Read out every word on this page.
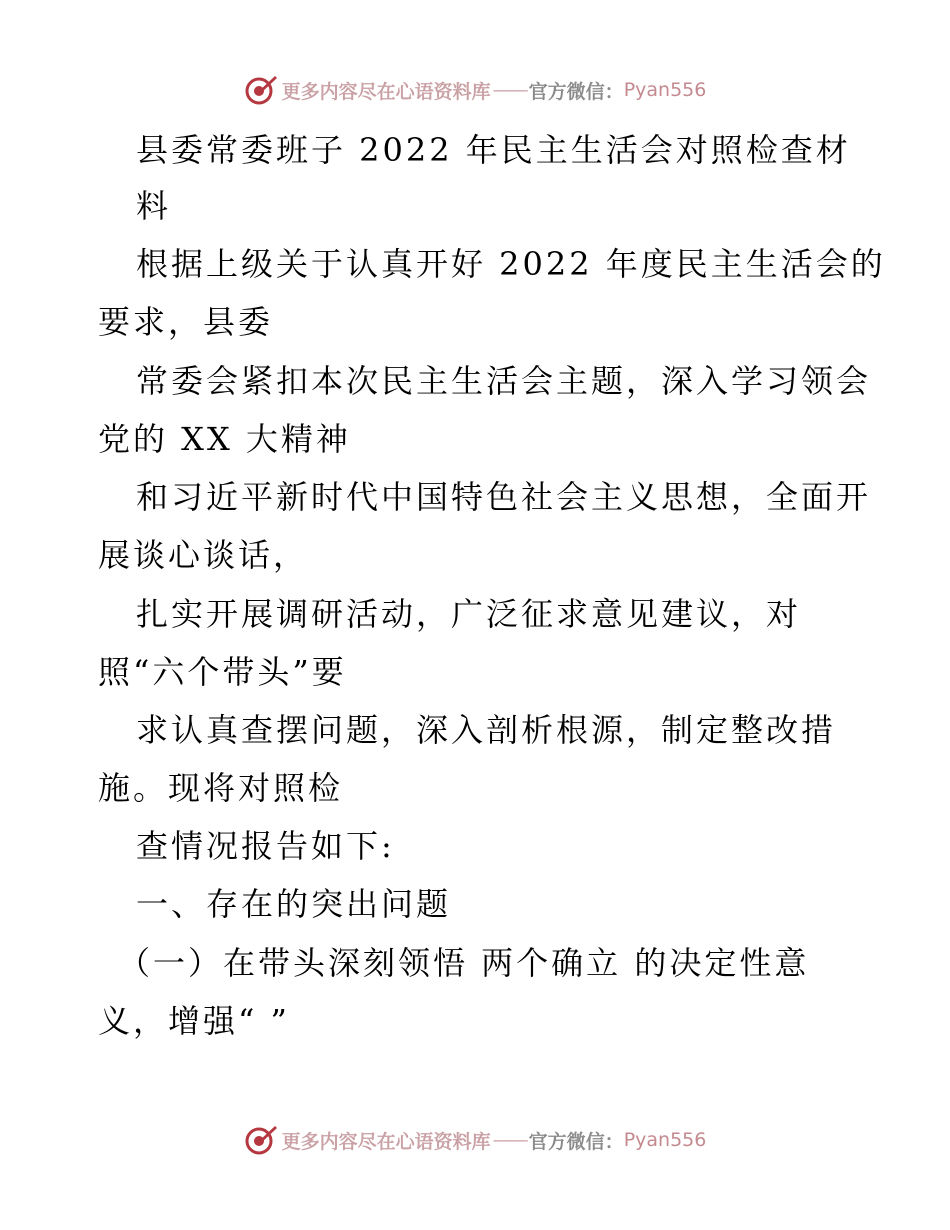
更多内容尽在心语资料库 —— 官方微信： Pyan556
县委常委班子 2022 年民主生活会对照检查材
料
根据上级关于认真开好 2022 年度民主生活会的
要求，县委
常委会紧扣本次民主生活会主题，深入学习领会
党的 XX 大精神
和习近平新时代中国特色社会主义思想，全面开
展谈心谈话，
扎实开展调研活动，广泛征求意见建议，对
照“六个带头”要
求认真查摆问题，深入剖析根源，制定整改措
施。现将对照检
查情况报告如下:
一、存在的突出问题
（一）在带头深刻领悟 两个确立 的决定性意
义，增强“ ”
更多内容尽在心语资料库 —— 官方微信： Pyan556
